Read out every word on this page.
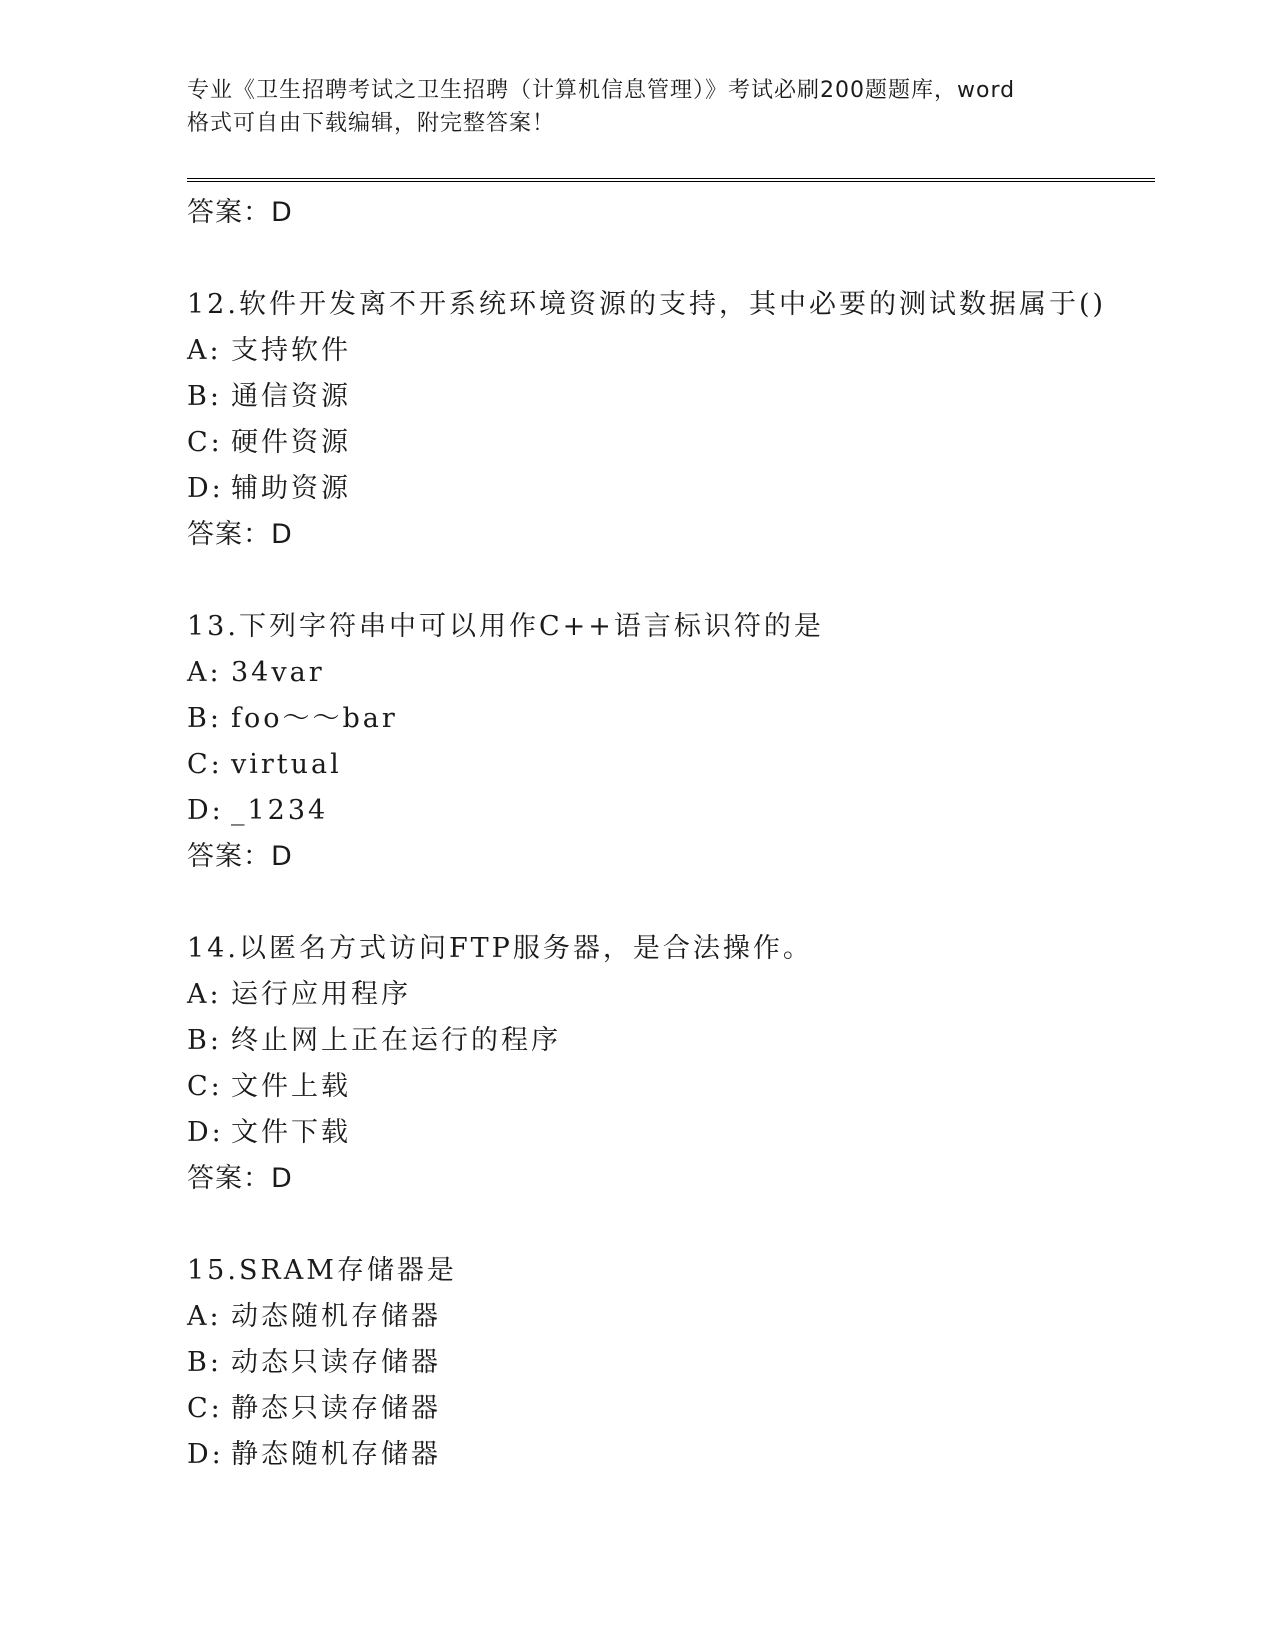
专业《卫生招聘考试之卫生招聘（计算机信息管理）》考试必刷200题题库，word
格式可自由下载编辑，附完整答案！
答案：D
12.软件开发离不开系统环境资源的支持，其中必要的测试数据属于()
A: 支持软件
B: 通信资源
C: 硬件资源
D: 辅助资源
答案：D
13.下列字符串中可以用作C++语言标识符的是
A: 34var
B: foo～～bar
C: virtual
D: _1234
答案：D
14.以匿名方式访问FTP服务器，是合法操作。
A: 运行应用程序
B: 终止网上正在运行的程序
C: 文件上载
D: 文件下载
答案：D
15.SRAM存储器是
A: 动态随机存储器
B: 动态只读存储器
C: 静态只读存储器
D: 静态随机存储器
